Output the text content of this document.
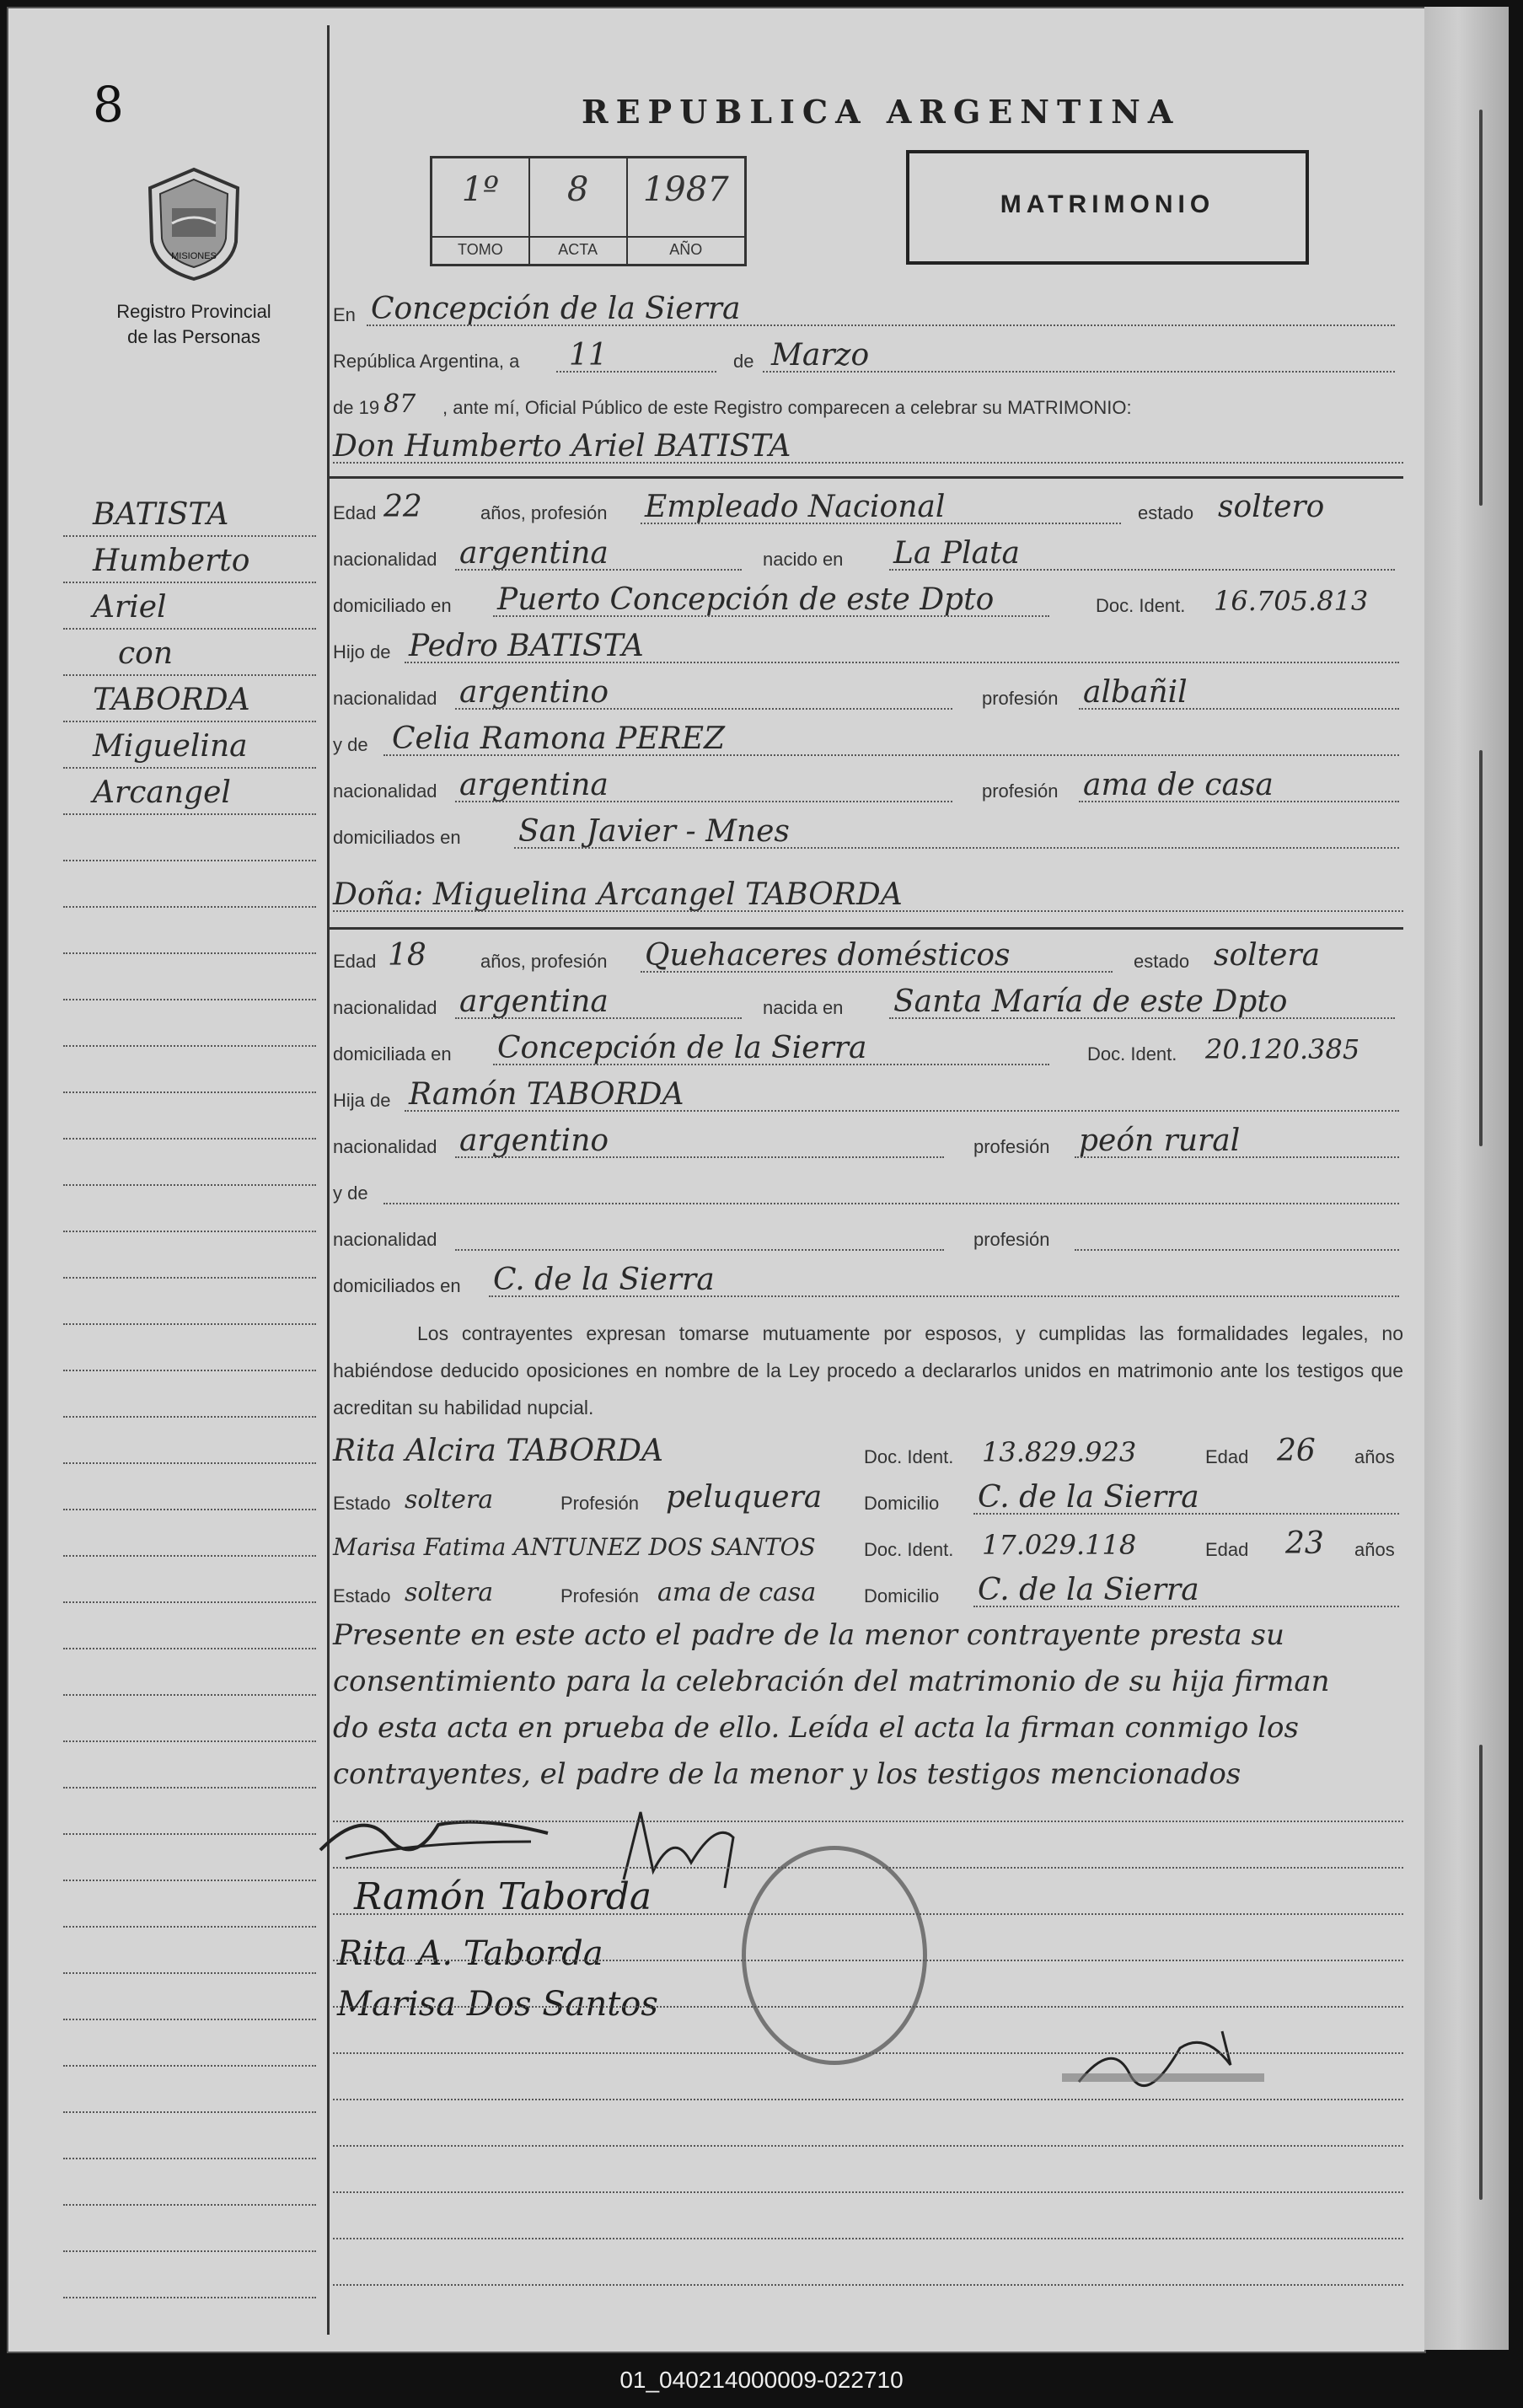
8
MISIONES
Registro Provincial
de las Personas
REPUBLICA ARGENTINA
1º
TOMO
8
ACTA
1987
AÑO
MATRIMONIO
En Concepción de la Sierra
República Argentina, a 11	de Marzo
de 19 87 , ante mí, Oficial Público de este Registro comparecen a celebrar su MATRIMONIO:
Don Humberto Ariel BATISTA
Edad 22	años, profesión Empleado Nacional	estado soltero
nacionalidad argentina	nacido en La Plata
domiciliado en Puerto Concepción de este Dpto	Doc. Ident. 16.705.813
Hijo de Pedro BATISTA
nacionalidad argentino	profesión albañil
y de Celia Ramona PEREZ
nacionalidad argentina	profesión ama de casa
domiciliados en San Javier - Mnes
Doña: Miguelina Arcangel TABORDA
Edad 18	años, profesión Quehaceres domésticos	estado soltera
nacionalidad argentina	nacida en Santa María de este Dpto
domiciliada en Concepción de la Sierra	Doc. Ident. 20.120.385
Hija de Ramón TABORDA
nacionalidad argentino	profesión peón rural
y de
nacionalidad	profesión
domiciliados en C. de la Sierra
Los contrayentes expresan tomarse mutuamente por esposos, y cumplidas las formalidades legales, no habiéndose deducido oposiciones en nombre de la Ley procedo a declararlos unidos en matrimonio ante los testigos que acreditan su habilidad nupcial.
Rita Alcira TABORDA	Doc. Ident. 13.829.923	Edad 26 años
Estado soltera	Profesión peluquera Domicilio C. de la Sierra
Marisa Fatima ANTUNEZ DOS SANTOS	Doc. Ident. 17.029.118	Edad 23 años
Estado soltera	Profesión ama de casa	Domicilio C. de la Sierra
Presente en este acto el padre de la menor contrayente presta su
consentimiento para la celebración del matrimonio de su hija firman
do esta acta en prueba de ello. Leída el acta la firman conmigo los
contrayentes, el padre de la menor y los testigos mencionados
Ramón Taborda
Rita A. Taborda
Marisa Dos Santos
BATISTA
Humberto
Ariel
con
TABORDA
Miguelina
Arcangel
01_040214000009-022710
